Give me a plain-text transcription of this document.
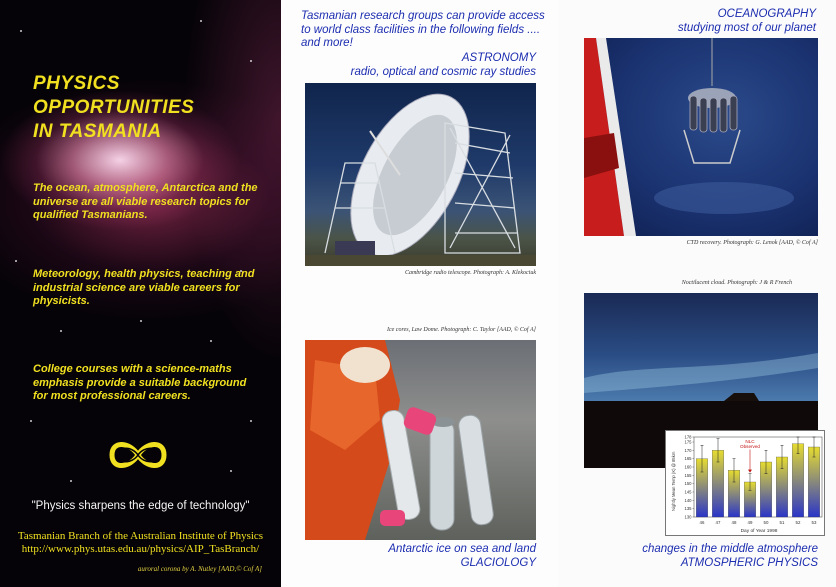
PHYSICS
OPPORTUNITIES
IN TASMANIA
The ocean, atmosphere, Antarctica and the universe are all viable research topics for qualified Tasmanians.
Meteorology, health physics, teaching and industrial science are viable careers for physicists.
College courses with a science-maths emphasis provide a suitable background for most professional careers.
"Physics sharpens the edge of technology"
Tasmanian Branch of the Australian Institute of Physics
http://www.phys.utas.edu.au/physics/AIP_TasBranch/
auroral corona by A. Nutley [AAD,© Cof A]
Tasmanian research groups can provide access to world class facilities in the following fields .... and more!
ASTRONOMY
radio, optical and cosmic ray studies
Cambridge radio telescope. Photograph: A. Klekociuk
Ice cores, Law Dome. Photograph: C. Taylor [AAD, © Cof A]
Antarctic ice on sea and land
GLACIOLOGY
OCEANOGRAPHY
studying most of our planet
CTD recovery. Photograph: G. Lenok [AAD, © Cof A]
Noctilucent cloud. Photograph: J & R French
changes in the middle atmosphere
ATMOSPHERIC PHYSICS
Nightly Mean Temp (K) @ 85km
Day of Year 1998
130
135
140
145
150
155
160
165
170
175
178
46	47	48	49
NLC
Observed
50	51	52	53
